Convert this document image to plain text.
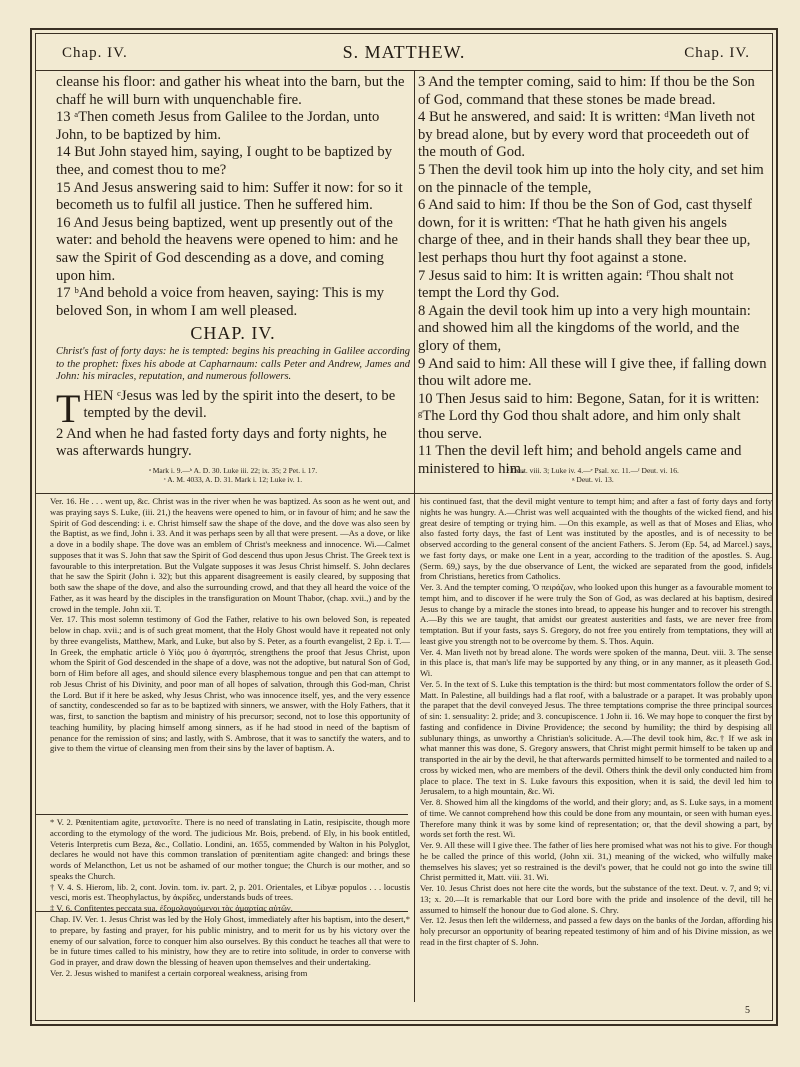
Chap. IV.	S. MATTHEW.	Chap. IV.

cleanse his floor: and gather his wheat into the barn, but the chaff he will burn with unquenchable fire.

13 ᵃThen cometh Jesus from Galilee to the Jordan, unto John, to be baptized by him.

14 But John stayed him, saying, I ought to be baptized by thee, and comest thou to me?

15 And Jesus answering said to him: Suffer it now: for so it becometh us to fulfil all justice. Then he suffered him.

16 And Jesus being baptized, went up presently out of the water: and behold the heavens were opened to him: and he saw the Spirit of God descending as a dove, and coming upon him.

17 ᵇAnd behold a voice from heaven, saying: This is my beloved Son, in whom I am well pleased.

CHAP. IV.
Christ's fast of forty days: he is tempted: begins his preaching in Galilee according to the prophet: fixes his abode at Capharnaum: calls Peter and Andrew, James and John: his miracles, reputation, and numerous followers.

THEN ᶜJesus was led by the spirit into the desert, to be tempted by the devil.

2 And when he had fasted forty days and forty nights, he was afterwards hungry.

3 And the tempter coming, said to him: If thou be the Son of God, command that these stones be made bread.

4 But he answered, and said: It is written: ᵈMan liveth not by bread alone, but by every word that proceedeth out of the mouth of God.

5 Then the devil took him up into the holy city, and set him on the pinnacle of the temple,

6 And said to him: If thou be the Son of God, cast thyself down, for it is written: ᵉThat he hath given his angels charge of thee, and in their hands shall they bear thee up, lest perhaps thou hurt thy foot against a stone.

7 Jesus said to him: It is written again: ᶠThou shalt not tempt the Lord thy God.

8 Again the devil took him up into a very high mountain: and showed him all the kingdoms of the world, and the glory of them,

9 And said to him: All these will I give thee, if falling down thou wilt adore me.

10 Then Jesus said to him: Begone, Satan, for it is written: ᵍThe Lord thy God thou shalt adore, and him only shalt thou serve.

11 Then the devil left him; and behold angels came and ministered to him.

ᵃ Mark i. 9.—ᵇ A. D. 30. Luke iii. 22; ix. 35; 2 Pet. i. 17.
ᶜ A. M. 4033, A. D. 31. Mark i. 12; Luke iv. 1.
ᵈ Deut. viii. 3; Luke iv. 4.—ᵉ Psal. xc. 11.—ᶠ Deut. vi. 16.
ᵍ Deut. vi. 13.

Ver. 16. He . . . went up, &c. Christ was in the river when he was baptized. As soon as he went out, and was praying says S. Luke, (iii. 21,) the heavens were opened to him, or in favour of him; and he saw the Spirit of God descending: i. e. Christ himself saw the shape of the dove, and the dove was also seen by the Baptist, as we find, John i. 33. And it was perhaps seen by all that were present. —As a dove, or like a dove in a bodily shape. The dove was an emblem of Christ's meekness and innocence. Wi.—Calmet supposes that it was S. John that saw the Spirit of God descend thus upon Jesus Christ. The Greek text is favourable to this interpretation. But the Vulgate supposes it was Jesus Christ himself. S. John declares that he saw the Spirit (John i. 32); but this apparent disagreement is easily cleared, by supposing that both saw the shape of the dove, and also the surrounding crowd, and that they all heard the voice of the Father, as it was heard by the disciples in the transfiguration on Mount Thabor, (chap. xvii.,) and by the crowd in the temple. John xii. T.

Ver. 17. This most solemn testimony of God the Father, relative to his own beloved Son, is repeated below in chap. xvii.; and is of such great moment, that the Holy Ghost would have it repeated not only by three evangelists, Matthew, Mark, and Luke, but also by S. Peter, as a fourth evangelist, 2 Ep. i. T.—In Greek, the emphatic article ὁ Υἱός μου ὁ ἀγαπητός, strengthens the proof that Jesus Christ, upon whom the Spirit of God descended in the shape of a dove, was not the adoptive, but natural Son of God, born of Him before all ages, and should silence every blasphemous tongue and pen that can attempt to rob Jesus Christ of his Divinity, and poor man of all hopes of salvation, through this God-man, Christ the Lord. But if it here be asked, why Jesus Christ, who was innocence itself, yes, and the very essence of sanctity, condescended so far as to be baptized with sinners, we answer, with the Holy Fathers, that it was, first, to sanction the baptism and ministry of his precursor; second, not to lose this opportunity of teaching humility, by placing himself among sinners, as if he had stood in need of the baptism of penance for the remission of sins; and lastly, with S. Ambrose, that it was to sanctify the waters, and to give to them the virtue of cleansing men from their sins by the laver of baptism. A.

* V. 2. Pœnitentiam agite, μετανοεῖτε. There is no need of translating in Latin, resipiscite, though more according to the etymology of the word. The judicious Mr. Bois, prebend. of Ely, in his book entitled, Veteris Interpretis cum Beza, &c., Collatio. Londini, an. 1655, commended by Walton in his Polyglot, declares he would not have this common translation of pœnitentiam agite changed: and brings these words of Melancthon, Let us not be ashamed of our mother tongue; the Church is our mother, and so speaks the Church.

† V. 4. S. Hierom, lib. 2, cont. Jovin. tom. iv. part. 2, p. 201. Orientales, et Libyæ populos . . . locustis vesci, moris est. Theophylactus, by ἀκρίδες, understands buds of trees.

‡ V. 6. Confitentes peccata sua. ἐξομολογούμενοι τὰς ἁμαρτίας αὐτῶν.

Chap. IV. Ver. 1. Jesus Christ was led by the Holy Ghost, immediately after his baptism, into the desert,* to prepare, by fasting and prayer, for his public ministry, and to merit for us by his victory over the enemy of our salvation, force to conquer him also ourselves. By this conduct he teaches all that were to be in future times called to his ministry, how they are to retire into solitude, in order to converse with God in prayer, and draw down the blessing of heaven upon themselves and their undertaking.

Ver. 2. Jesus wished to manifest a certain corporeal weakness, arising from

his continued fast, that the devil might venture to tempt him; and after a fast of forty days and forty nights he was hungry. A.—Christ was well acquainted with the thoughts of the wicked fiend, and his great desire of tempting or trying him. —On this example, as well as that of Moses and Elias, who also fasted forty days, the fast of Lent was instituted by the apostles, and is of necessity to be observed according to the general consent of the ancient Fathers. S. Jerom (Ep. 54, ad Marcel.) says, we fast forty days, or make one Lent in a year, according to the tradition of the apostles. S. Aug. (Serm. 69,) says, by the due observance of Lent, the wicked are separated from the good, infidels from Christians, heretics from Catholics.

Ver. 3. And the tempter coming, Ὁ πειράζων, who looked upon this hunger as a favourable moment to tempt him, and to discover if he were truly the Son of God, as was declared at his baptism, desired Jesus to change by a miracle the stones into bread, to appease his hunger and to recover his strength. A.—By this we are taught, that amidst our greatest austerities and fasts, we are never free from temptation. But if your fasts, says S. Gregory, do not free you entirely from temptations, they will at least give you strength not to be overcome by them. S. Thos. Aquin.

Ver. 4. Man liveth not by bread alone. The words were spoken of the manna, Deut. viii. 3. The sense in this place is, that man's life may be supported by any thing, or in any manner, as it pleaseth God. Wi.

Ver. 5. In the text of S. Luke this temptation is the third: but most commentators follow the order of S. Matt. In Palestine, all buildings had a flat roof, with a balustrade or a parapet. It was probably upon the parapet that the devil conveyed Jesus. The three temptations comprise the three principal sources of sin: 1. sensuality: 2. pride; and 3. concupiscence. 1 John ii. 16. We may hope to conquer the first by fasting and confidence in Divine Providence; the second by humility; the third by despising all sublunary things, as unworthy a Christian's solicitude. A.—The devil took him, &c.† If we ask in what manner this was done, S. Gregory answers, that Christ might permit himself to be taken up and transported in the air by the devil, he that afterwards permitted himself to be tormented and nailed to a cross by wicked men, who are members of the devil. Others think the devil only conducted him from place to place. The text in S. Luke favours this exposition, when it is said, the devil led him to Jerusalem, to a high mountain, &c. Wi.

Ver. 8. Showed him all the kingdoms of the world, and their glory; and, as S. Luke says, in a moment of time. We cannot comprehend how this could be done from any mountain, or seen with human eyes. Therefore many think it was by some kind of representation; or, that the devil showing a part, by words set forth the rest. Wi.

Ver. 9. All these will I give thee. The father of lies here promised what was not his to give. For though he be called the prince of this world, (John xii. 31,) meaning of the wicked, who wilfully make themselves his slaves; yet so restrained is the devil's power, that he could not go into the swine till Christ permitted it, Matt. viii. 31. Wi.

Ver. 10. Jesus Christ does not here cite the words, but the substance of the text. Deut. v. 7, and 9; vi. 13; x. 20.—It is remarkable that our Lord bore with the pride and insolence of the devil, till he assumed to himself the honour due to God alone. S. Chry.

Ver. 12. Jesus then left the wilderness, and passed a few days on the banks of the Jordan, affording his holy precursor an opportunity of bearing repeated testimony of him and of his Divine mission, as we read in the first chapter of S. John.

5
